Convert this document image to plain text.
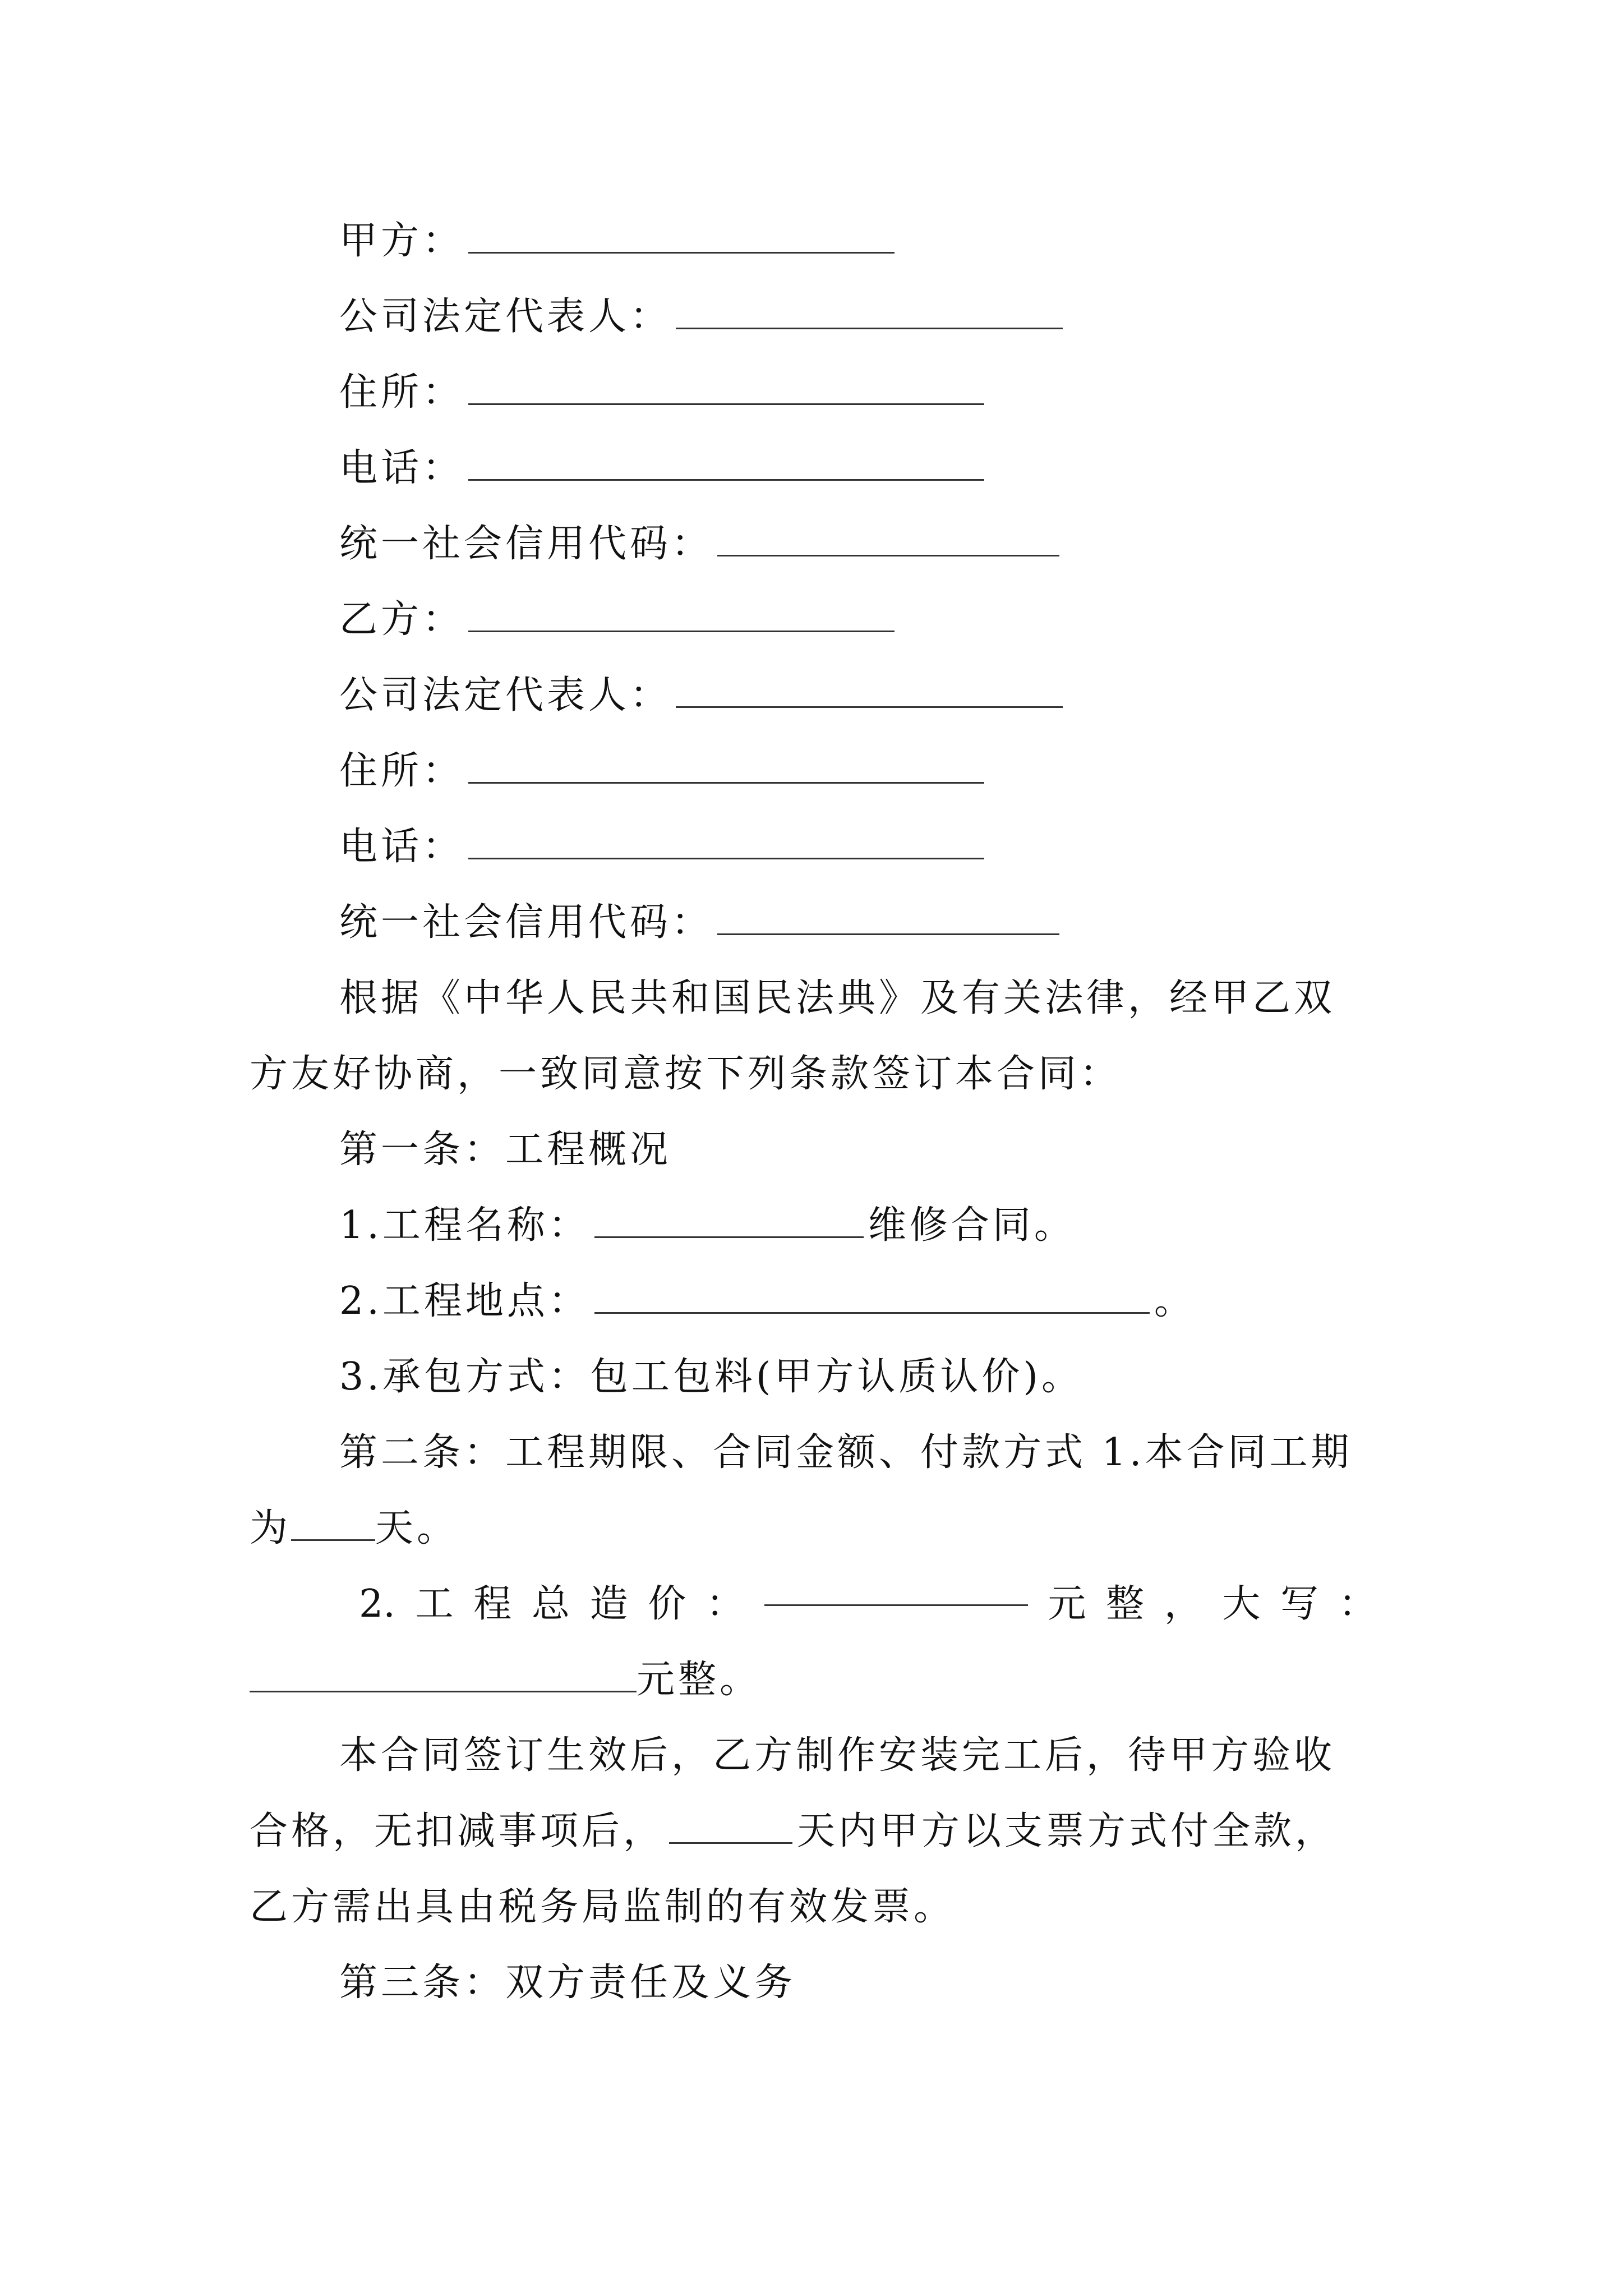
甲方：
公司法定代表人：
住所：
电话：
统一社会信用代码：
乙方：
公司法定代表人：
住所：
电话：
统一社会信用代码：
根据《中华人民共和国民法典》及有关法律，经甲乙双
方友好协商，一致同意按下列条款签订本合同：
第一条：工程概况
1.工程名称：	维修合同。
2.工程地点：	。
3.承包方式：包工包料(甲方认质认价)。
第二条：工程期限、合同金额、付款方式 1.本合同工期
为 天。
2. 工 程 总 造 价 ：	元 整 ， 大 写 ：
元整。
本合同签订生效后，乙方制作安装完工后，待甲方验收
合格，无扣减事项后，	天内甲方以支票方式付全款，
乙方需出具由税务局监制的有效发票。
第三条：双方责任及义务
